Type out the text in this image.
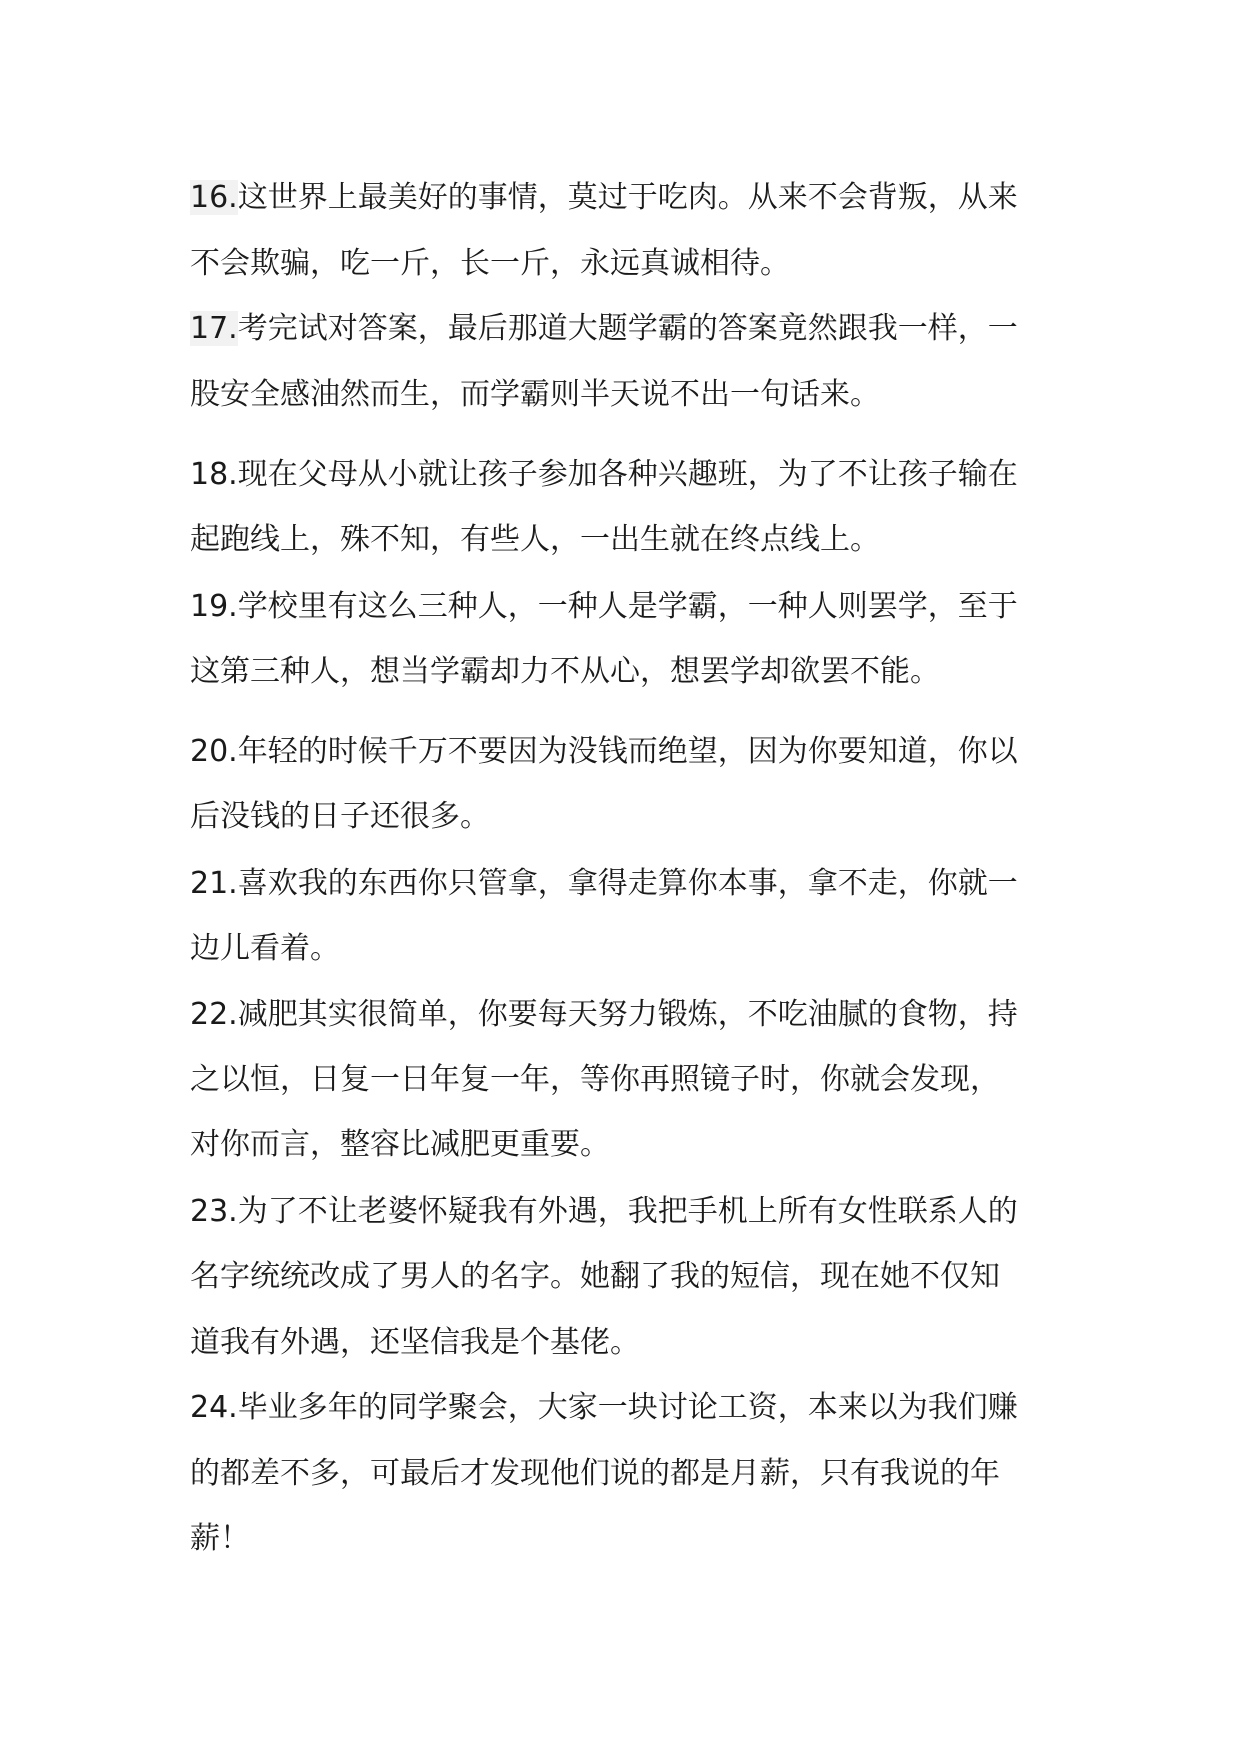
16.这世界上最美好的事情，莫过于吃肉。从来不会背叛，从来
不会欺骗，吃一斤，长一斤，永远真诚相待。
17.考完试对答案，最后那道大题学霸的答案竟然跟我一样，一
股安全感油然而生，而学霸则半天说不出一句话来。
18.现在父母从小就让孩子参加各种兴趣班，为了不让孩子输在
起跑线上，殊不知，有些人，一出生就在终点线上。
19.学校里有这么三种人，一种人是学霸，一种人则罢学，至于
这第三种人，想当学霸却力不从心，想罢学却欲罢不能。
20.年轻的时候千万不要因为没钱而绝望，因为你要知道，你以
后没钱的日子还很多。
21.喜欢我的东西你只管拿，拿得走算你本事，拿不走，你就一
边儿看着。
22.减肥其实很简单，你要每天努力锻炼，不吃油腻的食物，持
之以恒，日复一日年复一年，等你再照镜子时，你就会发现，
对你而言，整容比减肥更重要。
23.为了不让老婆怀疑我有外遇，我把手机上所有女性联系人的
名字统统改成了男人的名字。她翻了我的短信，现在她不仅知
道我有外遇，还坚信我是个基佬。
24.毕业多年的同学聚会，大家一块讨论工资，本来以为我们赚
的都差不多，可最后才发现他们说的都是月薪，只有我说的年
薪！
